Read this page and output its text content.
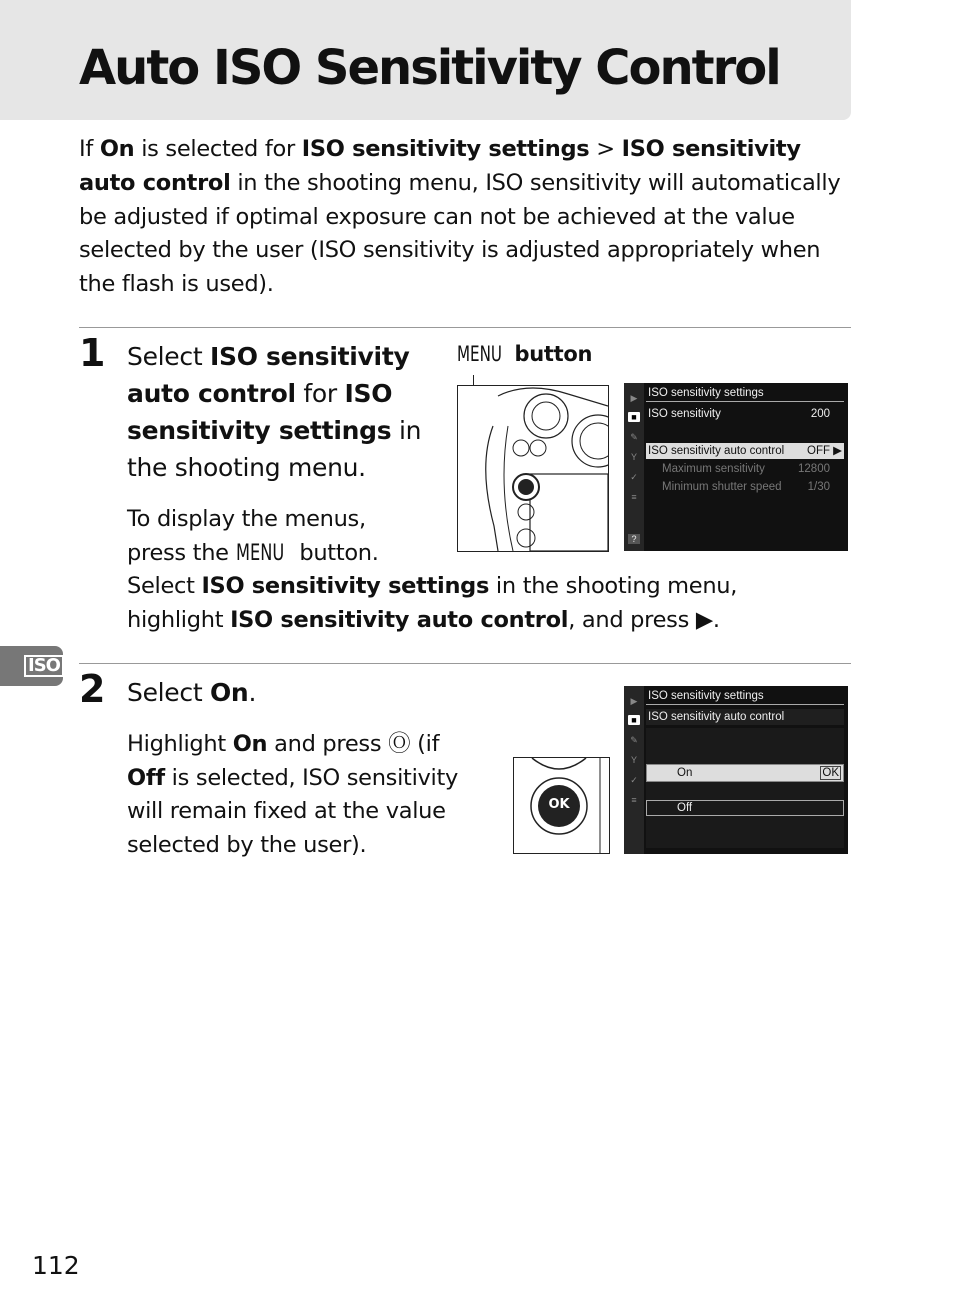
Auto ISO Sensitivity Control

If On is selected for ISO sensitivity settings > ISO sensitivity auto control in the shooting menu, ISO sensitivity will automatically be adjusted if optimal exposure can not be achieved at the value selected by the user (ISO sensitivity is adjusted appropriately when the flash is used).

1 Select ISO sensitivity auto control for ISO sensitivity settings in the shooting menu.

MENU button
▶
■
✎
Y
✓
≡
?
ISO sensitivity settings
ISO sensitivity	200
ISO sensitivity auto control OFF ▶
Maximum sensitivity	12800
Minimum shutter speed 1/30

To display the menus,
press the MENU button.

Select ISO sensitivity settings in the shooting menu,
highlight ISO sensitivity auto control, and press ▶.

2 Select On.

Highlight On and press Ⓞ (if
Off is selected, ISO sensitivity
will remain fixed at the value
selected by the user).

OK
▶
■
✎
Y
✓
≡
ISO sensitivity settings
ISO sensitivity auto control
On	OK
Off
ISO
112
